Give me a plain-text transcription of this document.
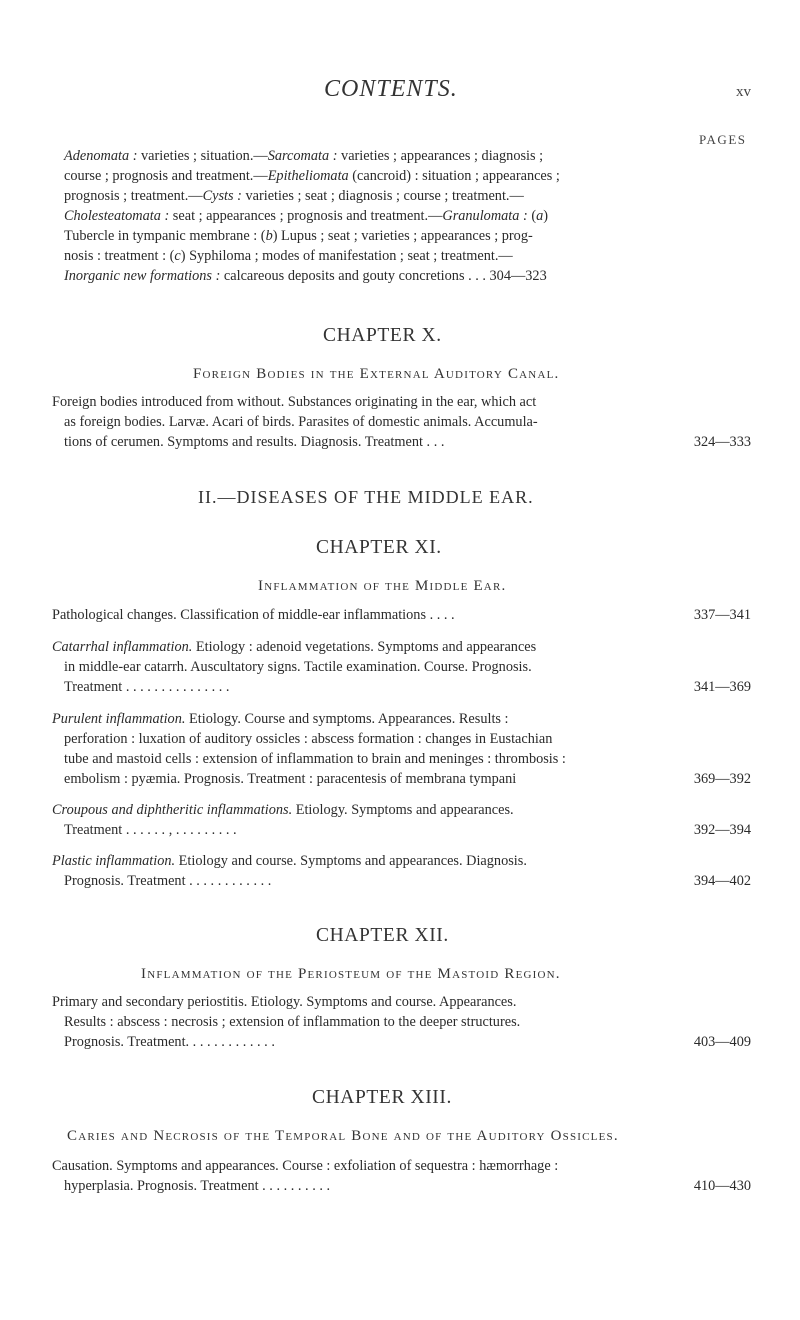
CONTENTS.	xv
PAGES
Adenomata : varieties ; situation.—Sarcomata : varieties ; appearances ; diagnosis ;
course ; prognosis and treatment.—Epitheliomata (cancroid) : situation ; appearances ;
prognosis ; treatment.—Cysts : varieties ; seat ; diagnosis ; course ; treatment.—
Cholesteatomata : seat ; appearances ; prognosis and treatment.—Granulomata : (a)
Tubercle in tympanic membrane : (b) Lupus ; seat ; varieties ; appearances ; prog-
nosis : treatment : (c) Syphiloma ; modes of manifestation ; seat ; treatment.—
Inorganic new formations : calcareous deposits and gouty concretions . . . 304—323
CHAPTER X.
Foreign Bodies in the External Auditory Canal.
Foreign bodies introduced from without. Substances originating in the ear, which act
as foreign bodies. Larvæ. Acari of birds. Parasites of domestic animals. Accumula-
tions of cerumen. Symptoms and results. Diagnosis. Treatment . . .	324—333
II.—DISEASES OF THE MIDDLE EAR.
CHAPTER XI.
Inflammation of the Middle Ear.
Pathological changes. Classification of middle-ear inflammations . . . .	337—341
Catarrhal inflammation. Etiology : adenoid vegetations. Symptoms and appearances
in middle-ear catarrh. Auscultatory signs. Tactile examination. Course. Prognosis.
Treatment . . . . . . . . . . . . . . .	341—369
Purulent inflammation. Etiology. Course and symptoms. Appearances. Results :
perforation : luxation of auditory ossicles : abscess formation : changes in Eustachian
tube and mastoid cells : extension of inflammation to brain and meninges : thrombosis :
embolism : pyæmia. Prognosis. Treatment : paracentesis of membrana tympani	369—392
Croupous and diphtheritic inflammations. Etiology. Symptoms and appearances.
Treatment . . . . . . , . . . . . . . . .	392—394
Plastic inflammation. Etiology and course. Symptoms and appearances. Diagnosis.
Prognosis. Treatment . . . . . . . . . . . .	394—402
CHAPTER XII.
Inflammation of the Periosteum of the Mastoid Region.
Primary and secondary periostitis. Etiology. Symptoms and course. Appearances.
Results : abscess : necrosis ; extension of inflammation to the deeper structures.
Prognosis. Treatment. . . . . . . . . . . . .	403—409
CHAPTER XIII.
Caries and Necrosis of the Temporal Bone and of the Auditory Ossicles.
Causation. Symptoms and appearances. Course : exfoliation of sequestra : hæmorrhage :
hyperplasia. Prognosis. Treatment . . . . . . . . . .	410—430
